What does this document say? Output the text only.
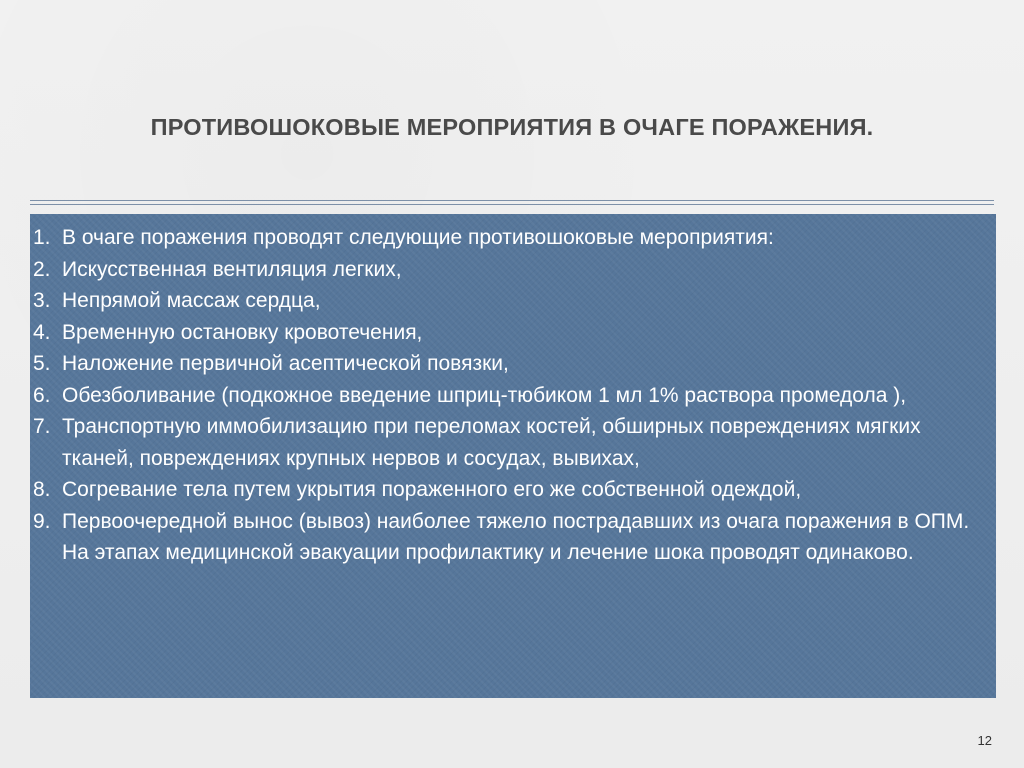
ПРОТИВОШОКОВЫЕ МЕРОПРИЯТИЯ В ОЧАГЕ ПОРАЖЕНИЯ.
1. В очаге поражения проводят следующие противошоковые мероприятия:
2. Искусственная вентиляция легких,
3. Непрямой массаж сердца,
4. Временную остановку кровотечения,
5. Наложение первичной асептической повязки,
6. Обезболивание (подкожное введение шприц-тюбиком 1 мл 1% раствора промедола ),
7. Транспортную иммобилизацию при переломах костей, обширных повреждениях мягких тканей, повреждениях крупных нервов и сосудах, вывихах,
8. Согревание тела путем укрытия пораженного его же собственной одеждой,
9. Первоочередной вынос (вывоз) наиболее тяжело пострадавших из очага поражения в ОПМ. На этапах медицинской эвакуации профилактику и лечение шока проводят одинаково.
12
